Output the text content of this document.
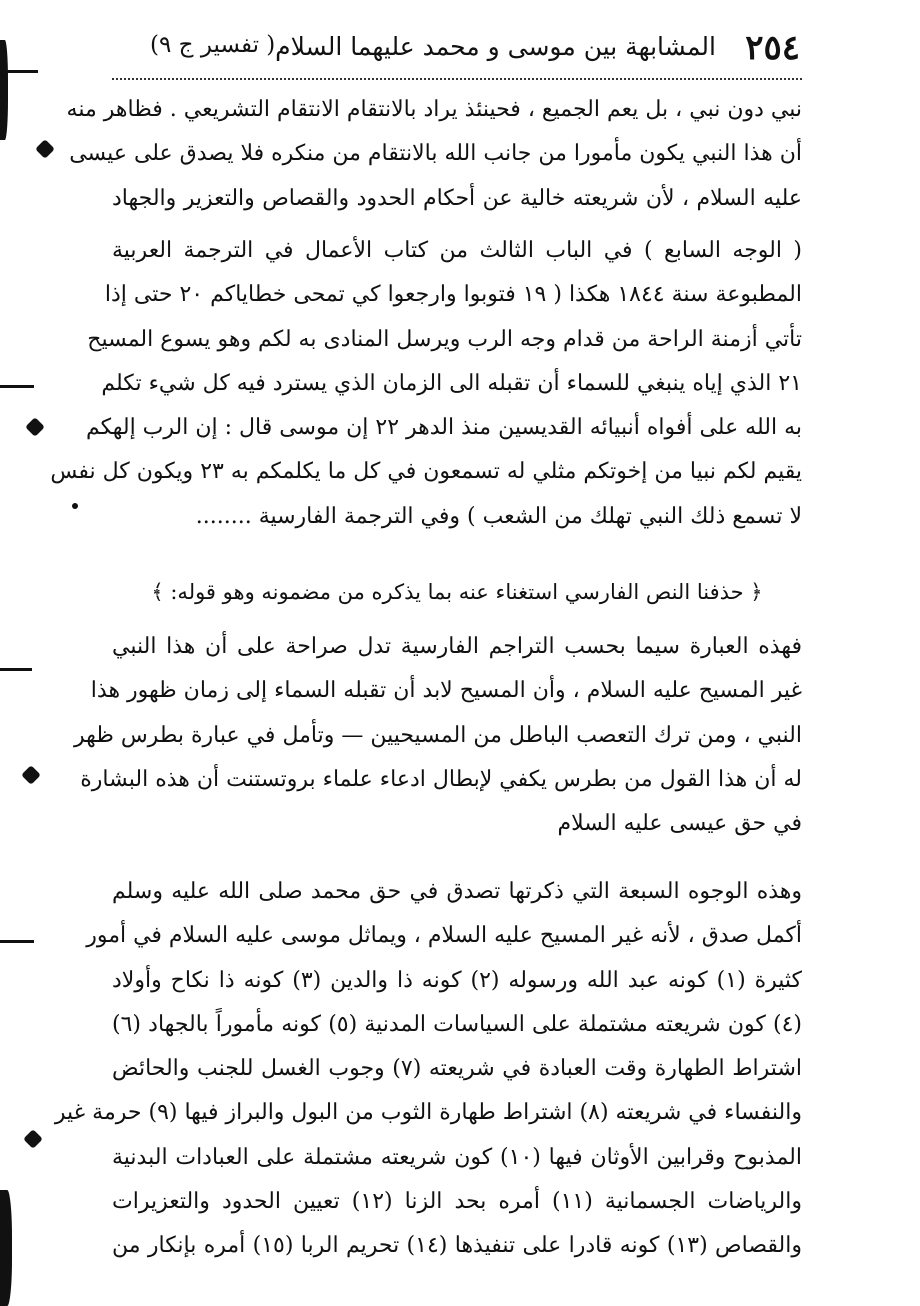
٢٥٤
المشابهة بين موسى و محمد عليهما السلام
( تفسير ج ٩)
نبي دون نبي ، بل يعم الجميع ، فحينئذ يراد بالانتقام الانتقام التشريعي . فظاهر منه
أن هذا النبي يكون مأمورا من جانب الله بالانتقام من منكره فلا يصدق على عيسى
عليه السلام ، لأن شريعته خالية عن أحكام الحدود والقصاص والتعزير والجهاد
( الوجه السابع ) في الباب الثالث من كتاب الأعمال في الترجمة العربية
المطبوعة سنة ١٨٤٤ هكذا ( ١٩ فتوبوا وارجعوا كي تمحى خطاياكم ٢٠ حتى إذا
تأتي أزمنة الراحة من قدام وجه الرب ويرسل المنادى به لكم وهو يسوع المسيح
٢١ الذي إياه ينبغي للسماء أن تقبله الى الزمان الذي يسترد فيه كل شيء تكلم
به الله على أفواه أنبيائه القديسين منذ الدهر ٢٢ إن موسى قال : إن الرب إلهكم
يقيم لكم نبيا من إخوتكم مثلي له تسمعون في كل ما يكلمكم به ٢٣ ويكون كل نفس
لا تسمع ذلك النبي تهلك من الشعب ) وفي الترجمة الفارسية ........
﴿ حذفنا النص الفارسي استغناء عنه بما يذكره من مضمونه وهو قوله: ﴾
فهذه العبارة سيما بحسب التراجم الفارسية تدل صراحة على أن هذا النبي
غير المسيح عليه السلام ، وأن المسيح لابد أن تقبله السماء إلى زمان ظهور هذا
النبي ، ومن ترك التعصب الباطل من المسيحيين — وتأمل في عبارة بطرس ظهر
له أن هذا القول من بطرس يكفي لإبطال ادعاء علماء بروتستنت أن هذه البشارة
في حق عيسى عليه السلام
وهذه الوجوه السبعة التي ذكرتها تصدق في حق محمد صلى الله عليه وسلم
أكمل صدق ، لأنه غير المسيح عليه السلام ، ويماثل موسى عليه السلام في أمور
كثيرة (١) كونه عبد الله ورسوله (٢) كونه ذا والدين (٣) كونه ذا نكاح وأولاد
(٤) كون شريعته مشتملة على السياسات المدنية (٥) كونه مأموراً بالجهاد (٦)
اشتراط الطهارة وقت العبادة في شريعته (٧) وجوب الغسل للجنب والحائض
والنفساء في شريعته (٨) اشتراط طهارة الثوب من البول والبراز فيها (٩) حرمة غير
المذبوح وقرابين الأوثان فيها (١٠) كون شريعته مشتملة على العبادات البدنية
والرياضات الجسمانية (١١) أمره بحد الزنا (١٢) تعيين الحدود والتعزيرات
والقصاص (١٣) كونه قادرا على تنفيذها (١٤) تحريم الربا (١٥) أمره بإنكار من
